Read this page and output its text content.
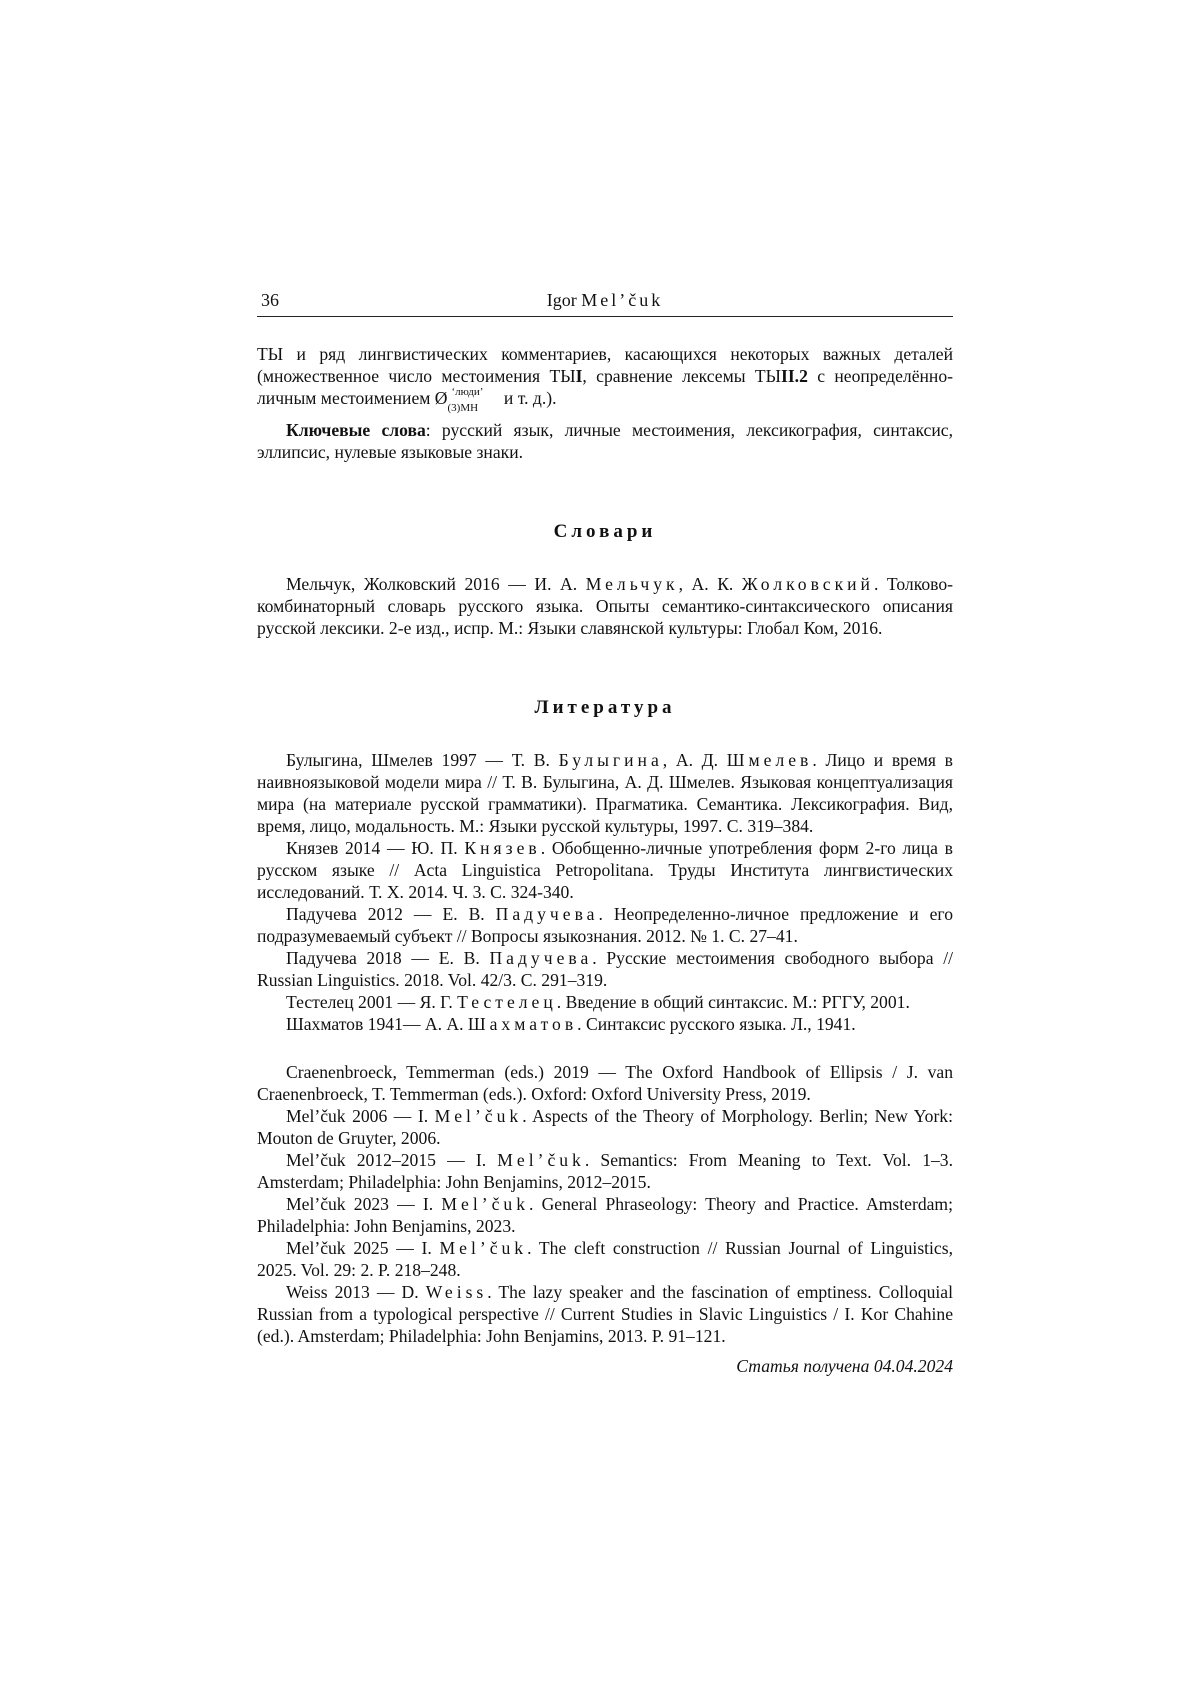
36	Igor Mel’čuk

ТЫ и ряд лингвистических комментариев, касающихся некоторых важных деталей (множественное число местоимения ТЫI, сравнение лексемы ТЫII.2 с неопределённо-личным местоимением Ø ‘люди’
(3)МН и т. д.).

Ключевые слова: русский язык, личные местоимения, лексикография, синтаксис, эллипсис, нулевые языковые знаки.

Словари

Мельчук, Жолковский 2016 — И. А. Мельчук, А. К. Жолковский. Толково-комбинаторный словарь русского языка. Опыты семантико-синтаксического описания русской лексики. 2-е изд., испр. М.: Языки славянской культуры: Глобал Ком, 2016.

Литература

Булыгина, Шмелев 1997 — Т. В. Булыгина, А. Д. Шмелев. Лицо и время в наивноязыковой модели мира // Т. В. Булыгина, А. Д. Шмелев. Языковая концептуализация мира (на материале русской грамматики). Прагматика. Семантика. Лексикография. Вид, время, лицо, модальность. М.: Языки русской культуры, 1997. С. 319–384.

Князев 2014 — Ю. П. Князев. Обобщенно-личные употребления форм 2-го лица в русском языке // Acta Linguistica Petropolitana. Труды Института лингвистических исследований. Т. X. 2014. Ч. 3. С. 324-340.

Падучева 2012 — Е. В. Падучева. Неопределенно-личное предложение и его подразумеваемый субъект // Вопросы языкознания. 2012. № 1. С. 27–41.

Падучева 2018 — Е. В. Падучева. Русские местоимения свободного выбора // Russian Linguistics. 2018. Vol. 42/3. С. 291–319.

Тестелец 2001 — Я. Г. Тестелец. Введение в общий синтаксис. М.: РГГУ, 2001.

Шахматов 1941— А. А. Шахматов. Синтаксис русского языка. Л., 1941.

Craenenbroeck, Temmerman (eds.) 2019 — The Oxford Handbook of Ellipsis / J. van Craenenbroeck, T. Temmerman (eds.). Oxford: Oxford University Press, 2019.

Mel’čuk 2006 — I. Mel’čuk. Aspects of the Theory of Morphology. Berlin; New York: Mouton de Gruyter, 2006.

Mel’čuk 2012–2015 — I. Mel’čuk. Semantics: From Meaning to Text. Vol. 1–3. Amsterdam; Philadelphia: John Benjamins, 2012–2015.

Mel’čuk 2023 — I. Mel’čuk. General Phraseology: Theory and Practice. Amsterdam; Philadelphia: John Benjamins, 2023.

Mel’čuk 2025 — I. Mel’čuk. The cleft construction // Russian Journal of Linguistics, 2025. Vol. 29: 2. P. 218–248.

Weiss 2013 — D. Weiss. The lazy speaker and the fascination of emptiness. Colloquial Russian from a typological perspective // Current Studies in Slavic Linguistics / I. Kor Chahine (ed.). Amsterdam; Philadelphia: John Benjamins, 2013. P. 91–121.

Статья получена 04.04.2024
